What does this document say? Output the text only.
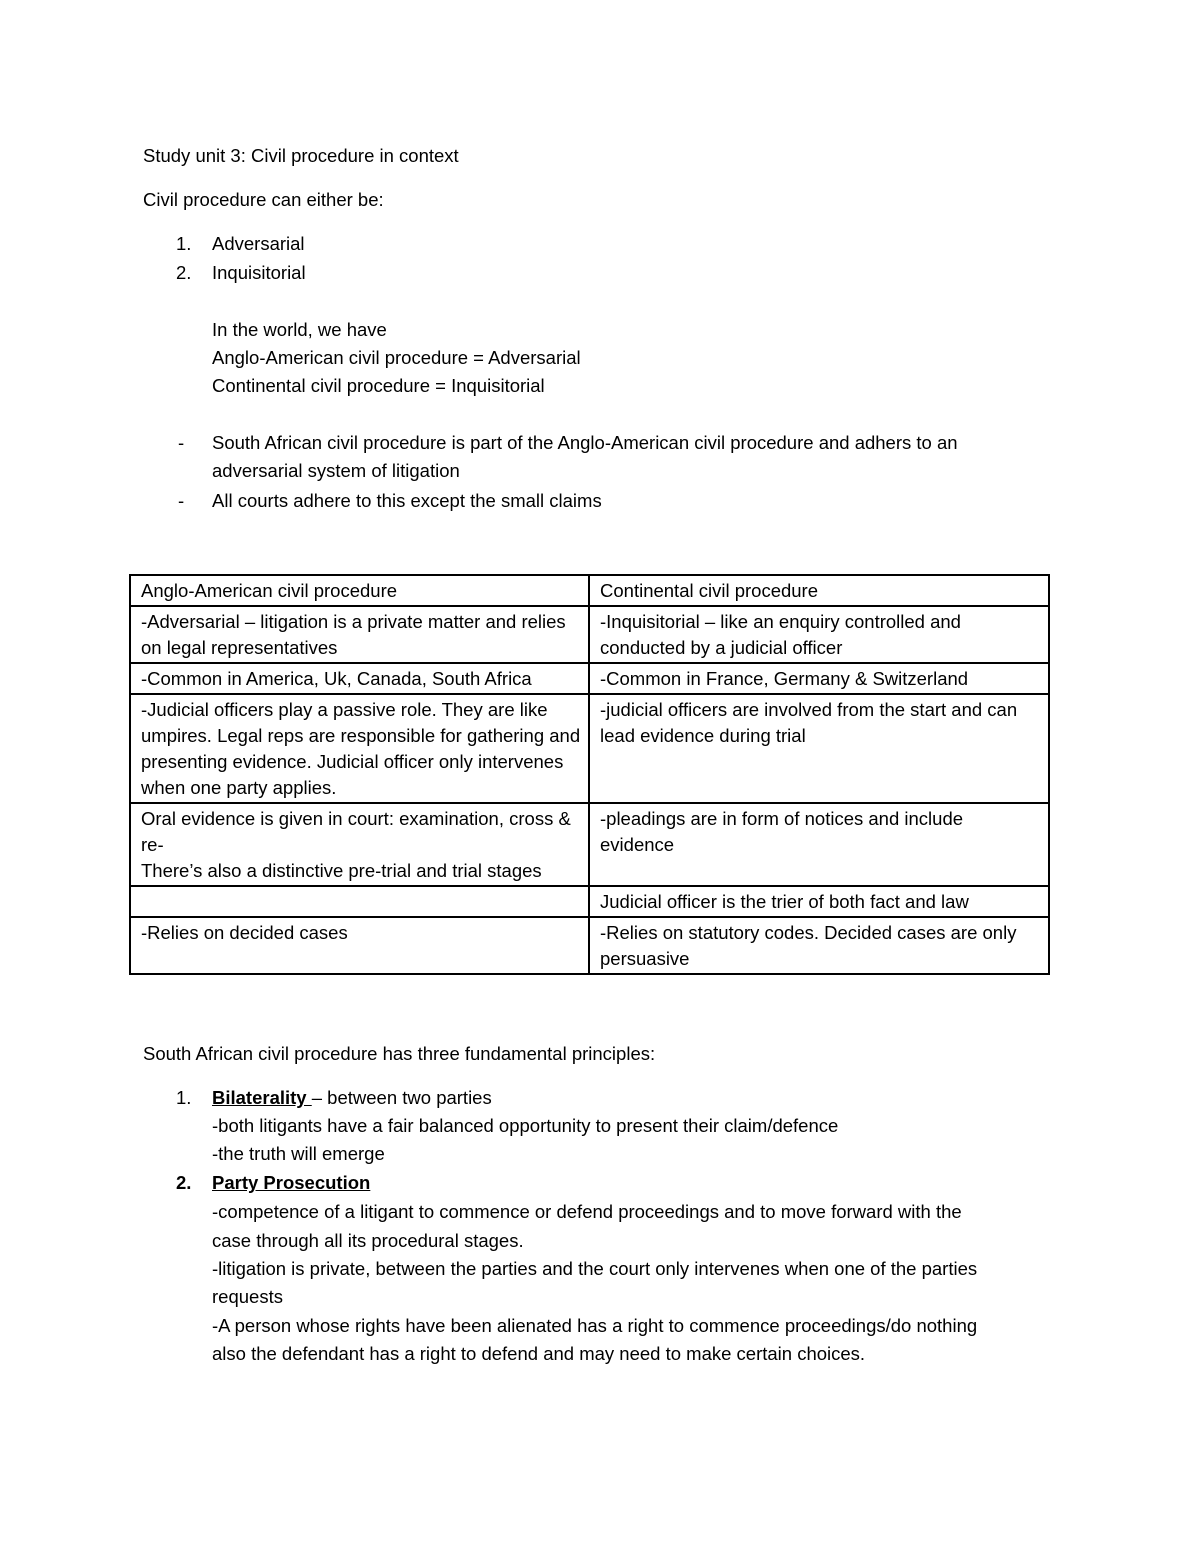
Study unit 3: Civil procedure in context
Civil procedure can either be:
1. Adversarial
2. Inquisitorial
In the world, we have
Anglo-American civil procedure = Adversarial
Continental civil procedure = Inquisitorial
- South African civil procedure is part of the Anglo-American civil procedure and adhers to an
adversarial system of litigation
- All courts adhere to this except the small claims
Anglo-American civil procedure	Continental civil procedure
-Adversarial – litigation is a private matter and relies on legal representatives	-Inquisitorial – like an enquiry controlled and conducted by a judicial officer
-Common in America, Uk, Canada, South Africa	-Common in France, Germany & Switzerland
-Judicial officers play a passive role. They are like umpires. Legal reps are responsible for gathering and presenting evidence. Judicial officer only intervenes when one party applies.	-judicial officers are involved from the start and can lead evidence during trial
Oral evidence is given in court: examination, cross & re-
There’s also a distinctive pre-trial and trial stages	-pleadings are in form of notices and include evidence
	Judicial officer is the trier of both fact and law
-Relies on decided cases	-Relies on statutory codes. Decided cases are only persuasive
South African civil procedure has three fundamental principles:
1. Bilaterality – between two parties
-both litigants have a fair balanced opportunity to present their claim/defence
-the truth will emerge
2. Party Prosecution
-competence of a litigant to commence or defend proceedings and to move forward with the
case through all its procedural stages.
-litigation is private, between the parties and the court only intervenes when one of the parties
requests
-A person whose rights have been alienated has a right to commence proceedings/do nothing
also the defendant has a right to defend and may need to make certain choices.
